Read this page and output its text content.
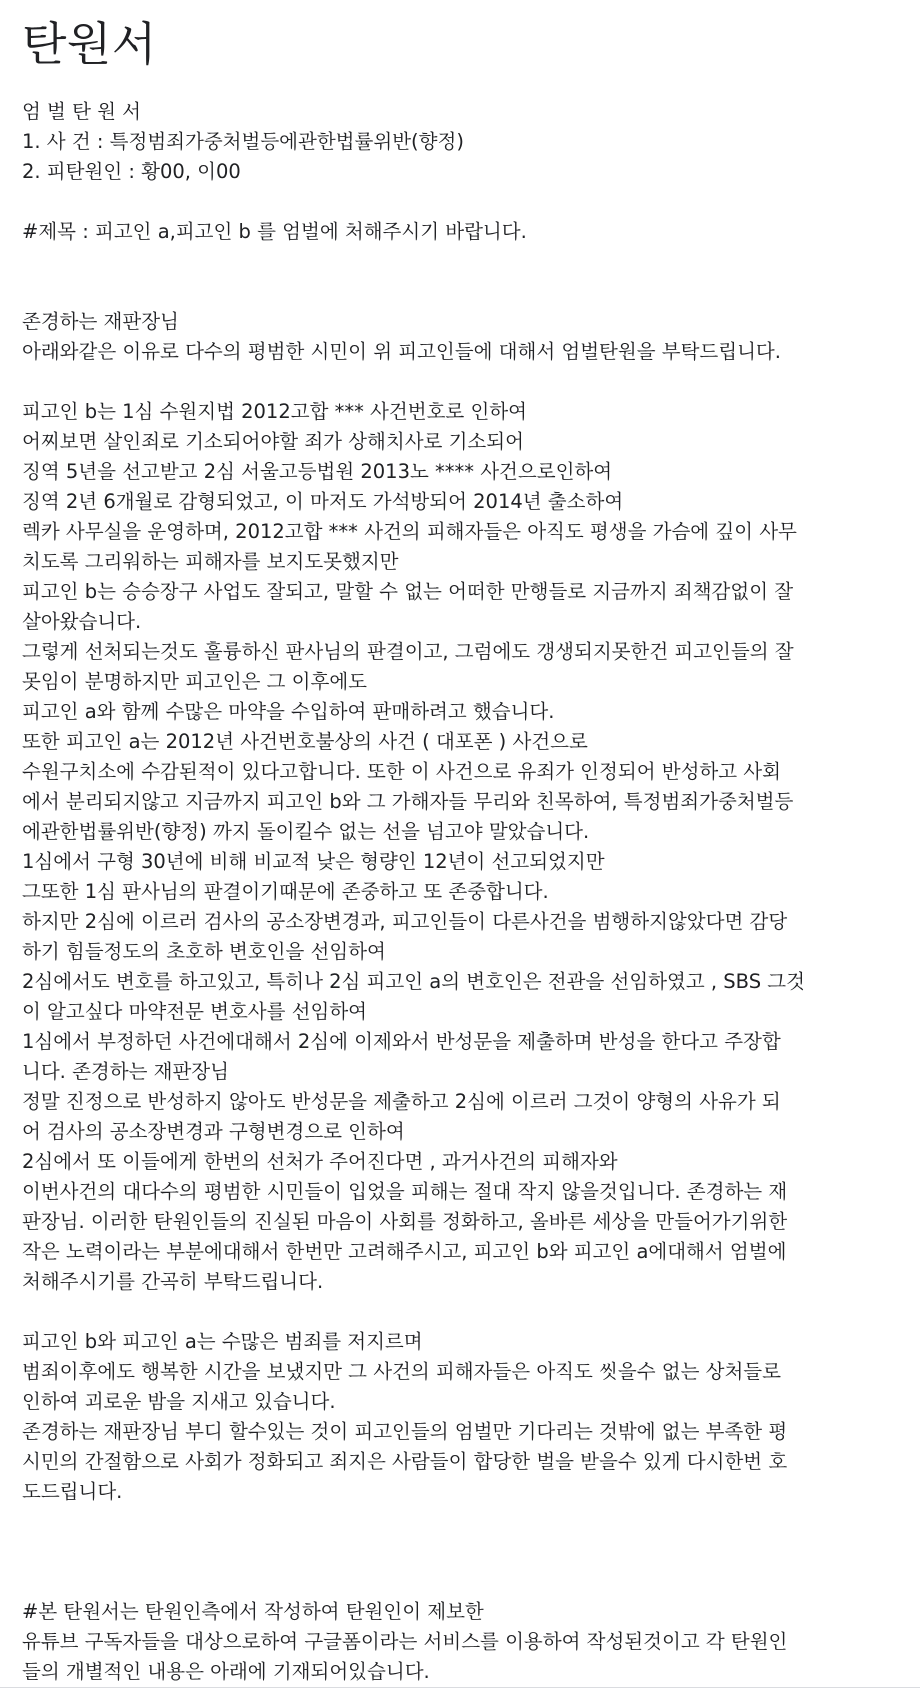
탄원서
엄 벌 탄 원 서
1. 사 건 : 특정범죄가중처벌등에관한법률위반(향정)
2. 피탄원인 : 황00, 이00
#제목 : 피고인 a,피고인 b 를 엄벌에 처해주시기 바랍니다.
존경하는 재판장님
아래와같은 이유로 다수의 평범한 시민이 위 피고인들에 대해서 엄벌탄원을 부탁드립니다.
피고인 b는 1심 수원지법 2012고합 *** 사건번호로 인하여
어찌보면 살인죄로 기소되어야할 죄가 상해치사로 기소되어
징역 5년을 선고받고 2심 서울고등법원 2013노 **** 사건으로인하여
징역 2년 6개월로 감형되었고, 이 마저도 가석방되어 2014년 출소하여
렉카 사무실을 운영하며, 2012고합 *** 사건의 피해자들은 아직도 평생을 가슴에 깊이 사무
치도록 그리워하는 피해자를 보지도못했지만
피고인 b는 승승장구 사업도 잘되고, 말할 수 없는 어떠한 만행들로 지금까지 죄책감없이 잘
살아왔습니다.
그렇게 선처되는것도 훌륭하신 판사님의 판결이고, 그럼에도 갱생되지못한건 피고인들의 잘
못임이 분명하지만 피고인은 그 이후에도
피고인 a와 함께 수많은 마약을 수입하여 판매하려고 했습니다.
또한 피고인 a는 2012년 사건번호불상의 사건 ( 대포폰 ) 사건으로
수원구치소에 수감된적이 있다고합니다. 또한 이 사건으로 유죄가 인정되어 반성하고 사회
에서 분리되지않고 지금까지 피고인 b와 그 가해자들 무리와 친목하여, 특정범죄가중처벌등
에관한법률위반(향정) 까지 돌이킬수 없는 선을 넘고야 말았습니다.
1심에서 구형 30년에 비해 비교적 낮은 형량인 12년이 선고되었지만
그또한 1심 판사님의 판결이기때문에 존중하고 또 존중합니다.
하지만 2심에 이르러 검사의 공소장변경과, 피고인들이 다른사건을 범행하지않았다면 감당
하기 힘들정도의 초호하 변호인을 선임하여
2심에서도 변호를 하고있고, 특히나 2심 피고인 a의 변호인은 전관을 선임하였고 , SBS 그것
이 알고싶다 마약전문 변호사를 선임하여
1심에서 부정하던 사건에대해서 2심에 이제와서 반성문을 제출하며 반성을 한다고 주장합
니다. 존경하는 재판장님
정말 진정으로 반성하지 않아도 반성문을 제출하고 2심에 이르러 그것이 양형의 사유가 되
어 검사의 공소장변경과 구형변경으로 인하여
2심에서 또 이들에게 한번의 선처가 주어진다면 , 과거사건의 피해자와
이번사건의 대다수의 평범한 시민들이 입었을 피해는 절대 작지 않을것입니다. 존경하는 재
판장님. 이러한 탄원인들의 진실된 마음이 사회를 정화하고, 올바른 세상을 만들어가기위한
작은 노력이라는 부분에대해서 한번만 고려해주시고, 피고인 b와 피고인 a에대해서 엄벌에
처해주시기를 간곡히 부탁드립니다.
피고인 b와 피고인 a는 수많은 범죄를 저지르며
범죄이후에도 행복한 시간을 보냈지만 그 사건의 피해자들은 아직도 씻을수 없는 상처들로
인하여 괴로운 밤을 지새고 있습니다.
존경하는 재판장님 부디 할수있는 것이 피고인들의 엄벌만 기다리는 것밖에 없는 부족한 평
시민의 간절함으로 사회가 정화되고 죄지은 사람들이 합당한 벌을 받을수 있게 다시한번 호
도드립니다.
#본 탄원서는 탄원인측에서 작성하여 탄원인이 제보한
유튜브 구독자들을 대상으로하여 구글폼이라는 서비스를 이용하여 작성된것이고 각 탄원인
들의 개별적인 내용은 아래에 기재되어있습니다.
